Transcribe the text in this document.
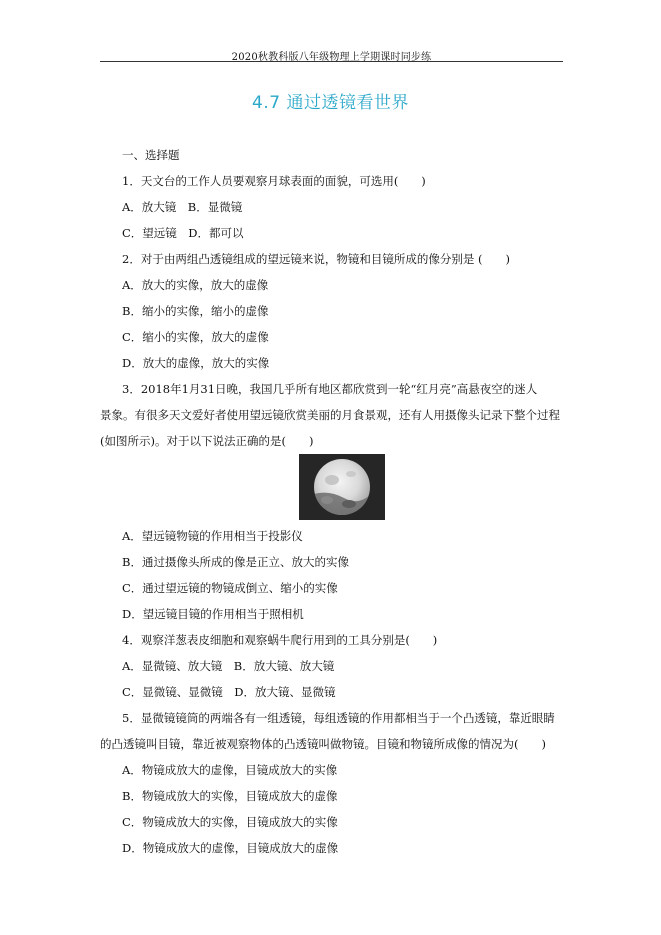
2020秋教科版八年级物理上学期课时同步练
4.7 通过透镜看世界
一、选择题
1．天文台的工作人员要观察月球表面的面貌，可选用(　　)
A．放大镜　B．显微镜
C．望远镜　D．都可以
2．对于由两组凸透镜组成的望远镜来说，物镜和目镜所成的像分别是 (　　)
A．放大的实像，放大的虚像
B．缩小的实像，缩小的虚像
C．缩小的实像，放大的虚像
D．放大的虚像，放大的实像
3．2018年1月31日晚，我国几乎所有地区都欣赏到一轮“红月亮”高悬夜空的迷人
景象。有很多天文爱好者使用望远镜欣赏美丽的月食景观，还有人用摄像头记录下整个过程
(如图所示)。对于以下说法正确的是(　　)
A．望远镜物镜的作用相当于投影仪
B．通过摄像头所成的像是正立、放大的实像
C．通过望远镜的物镜成倒立、缩小的实像
D．望远镜目镜的作用相当于照相机
4．观察洋葱表皮细胞和观察蜗牛爬行用到的工具分别是(　　)
A．显微镜、放大镜　B．放大镜、放大镜
C．显微镜、显微镜　D．放大镜、显微镜
5．显微镜镜筒的两端各有一组透镜，每组透镜的作用都相当于一个凸透镜，靠近眼睛
的凸透镜叫目镜，靠近被观察物体的凸透镜叫做物镜。目镜和物镜所成像的情况为(　　)
A．物镜成放大的虚像，目镜成放大的实像
B．物镜成放大的实像，目镜成放大的虚像
C．物镜成放大的实像，目镜成放大的实像
D．物镜成放大的虚像，目镜成放大的虚像
